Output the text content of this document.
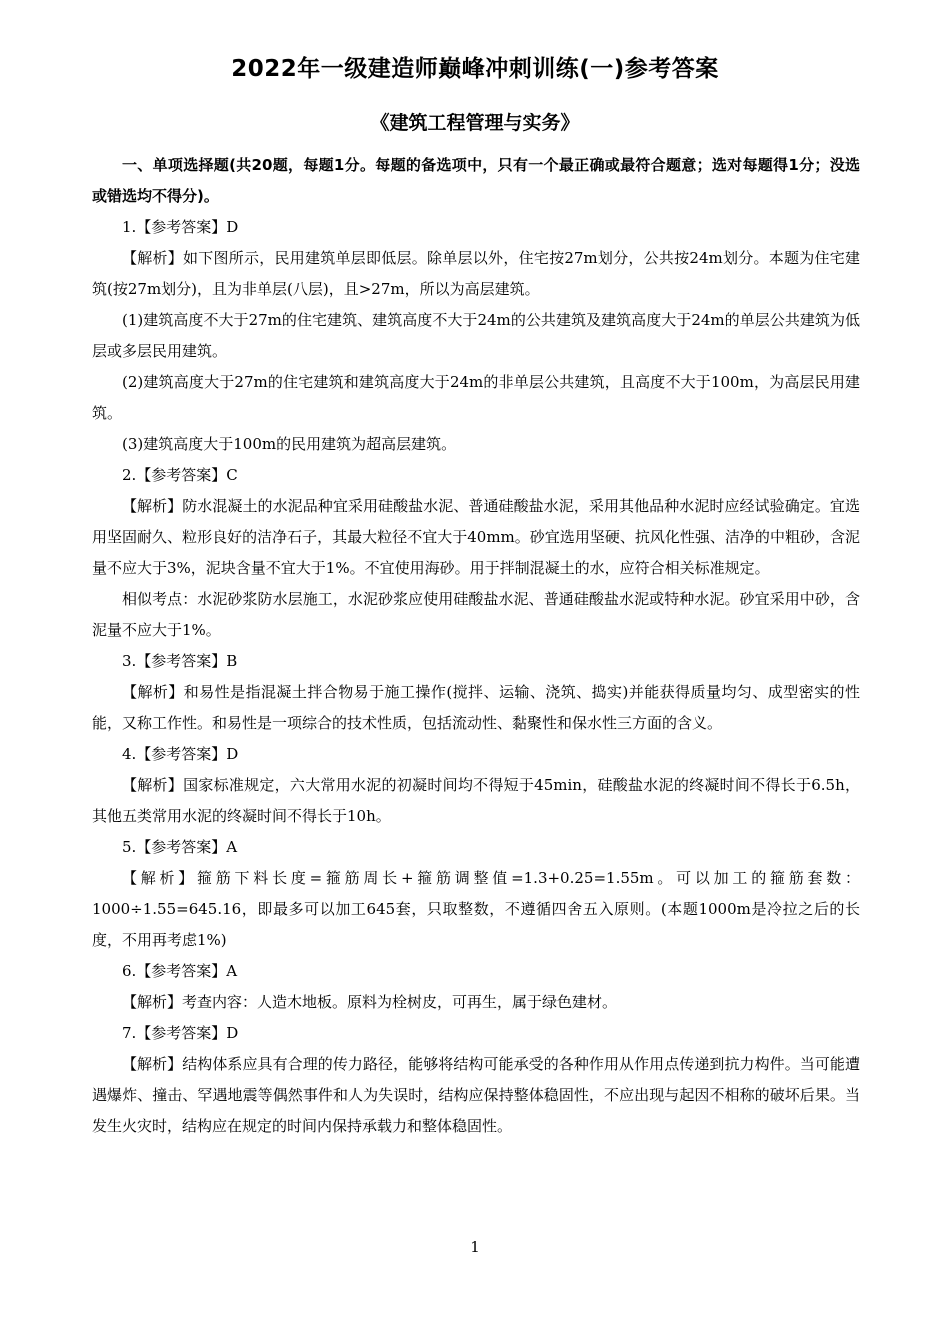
2022年一级建造师巅峰冲刺训练(一)参考答案
《建筑工程管理与实务》

一、单项选择题(共20题，每题1分。每题的备选项中，只有一个最正确或最符合题意；选对每题得1分；没选或错选均不得分)。

1.【参考答案】D

【解析】如下图所示，民用建筑单层即低层。除单层以外，住宅按27m划分，公共按24m划分。本题为住宅建筑(按27m划分)，且为非单层(八层)，且>27m，所以为高层建筑。

(1)建筑高度不大于27m的住宅建筑、建筑高度不大于24m的公共建筑及建筑高度大于24m的单层公共建筑为低层或多层民用建筑。

(2)建筑高度大于27m的住宅建筑和建筑高度大于24m的非单层公共建筑，且高度不大于100m，为高层民用建筑。

(3)建筑高度大于100m的民用建筑为超高层建筑。

2.【参考答案】C

【解析】防水混凝土的水泥品种宜采用硅酸盐水泥、普通硅酸盐水泥，采用其他品种水泥时应经试验确定。宜选用坚固耐久、粒形良好的洁净石子，其最大粒径不宜大于40mm。砂宜选用坚硬、抗风化性强、洁净的中粗砂，含泥量不应大于3%，泥块含量不宜大于1%。不宜使用海砂。用于拌制混凝土的水，应符合相关标准规定。

相似考点：水泥砂浆防水层施工，水泥砂浆应使用硅酸盐水泥、普通硅酸盐水泥或特种水泥。砂宜采用中砂，含泥量不应大于1%。

3.【参考答案】B

【解析】和易性是指混凝土拌合物易于施工操作(搅拌、运输、浇筑、捣实)并能获得质量均匀、成型密实的性能，又称工作性。和易性是一项综合的技术性质，包括流动性、黏聚性和保水性三方面的含义。

4.【参考答案】D

【解析】国家标准规定，六大常用水泥的初凝时间均不得短于45min，硅酸盐水泥的终凝时间不得长于6.5h，其他五类常用水泥的终凝时间不得长于10h。

5.【参考答案】A

【解析】箍筋下料长度=箍筋周长+箍筋调整值=1.3+0.25=1.55m。可以加工的箍筋套数：1000÷1.55=645.16，即最多可以加工645套，只取整数，不遵循四舍五入原则。(本题1000m是冷拉之后的长度，不用再考虑1%)

6.【参考答案】A

【解析】考查内容：人造木地板。原料为栓树皮，可再生，属于绿色建材。

7.【参考答案】D

【解析】结构体系应具有合理的传力路径，能够将结构可能承受的各种作用从作用点传递到抗力构件。当可能遭遇爆炸、撞击、罕遇地震等偶然事件和人为失误时，结构应保持整体稳固性，不应出现与起因不相称的破坏后果。当发生火灾时，结构应在规定的时间内保持承载力和整体稳固性。

1
